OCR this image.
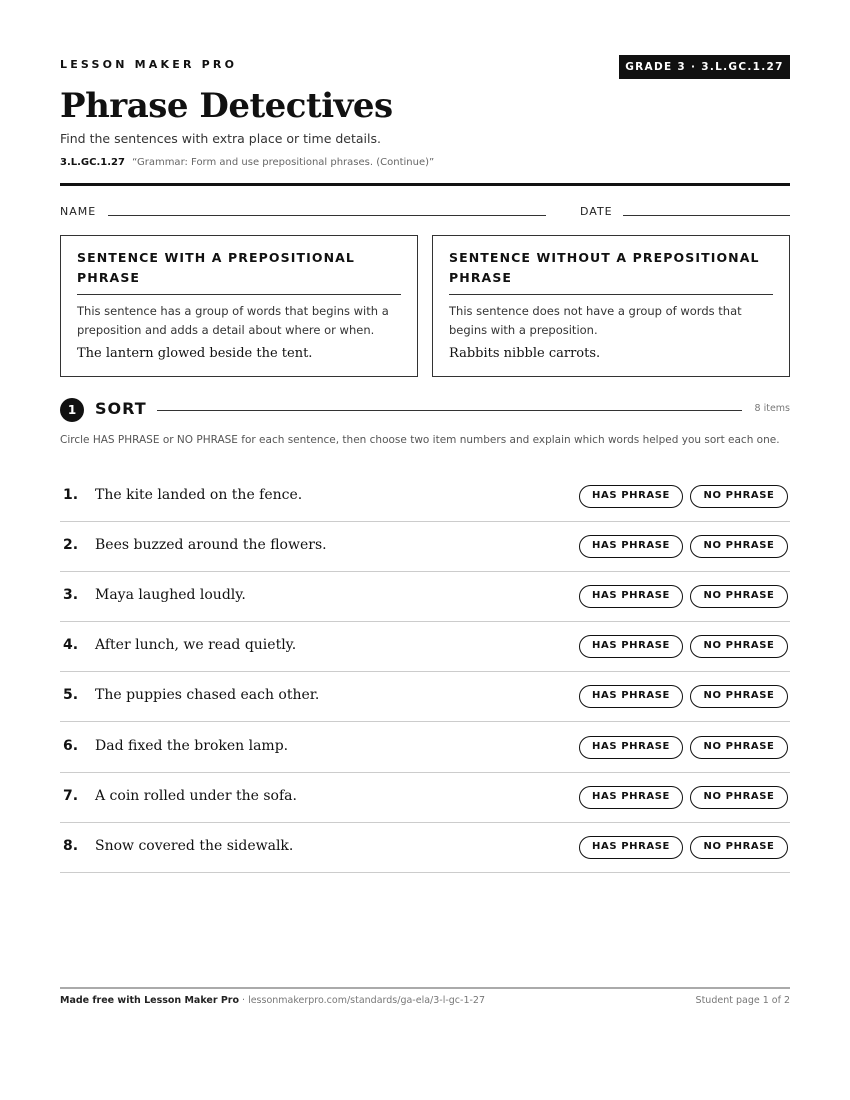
LESSON MAKER PRO	GRADE 3 · 3.L.GC.1.27
Phrase Detectives
Find the sentences with extra place or time details.
3.L.GC.1.27 “Grammar: Form and use prepositional phrases. (Continue)”
NAME	DATE
SENTENCE WITH A PREPOSITIONAL PHRASE
This sentence has a group of words that begins with a preposition and adds a detail about where or when.
The lantern glowed beside the tent.
SENTENCE WITHOUT A PREPOSITIONAL PHRASE
This sentence does not have a group of words that begins with a preposition.
Rabbits nibble carrots.
1	SORT	8 items
Circle HAS PHRASE or NO PHRASE for each sentence, then choose two item numbers and explain which words helped you sort each one.
1. The kite landed on the fence.	HAS PHRASE	NO PHRASE
2. Bees buzzed around the flowers.	HAS PHRASE	NO PHRASE
3. Maya laughed loudly.	HAS PHRASE	NO PHRASE
4. After lunch, we read quietly.	HAS PHRASE	NO PHRASE
5. The puppies chased each other.	HAS PHRASE	NO PHRASE
6. Dad fixed the broken lamp.	HAS PHRASE	NO PHRASE
7. A coin rolled under the sofa.	HAS PHRASE	NO PHRASE
8. Snow covered the sidewalk.	HAS PHRASE	NO PHRASE
Made free with Lesson Maker Pro · lessonmakerpro.com/standards/ga-ela/3-l-gc-1-27	Student page 1 of 2
